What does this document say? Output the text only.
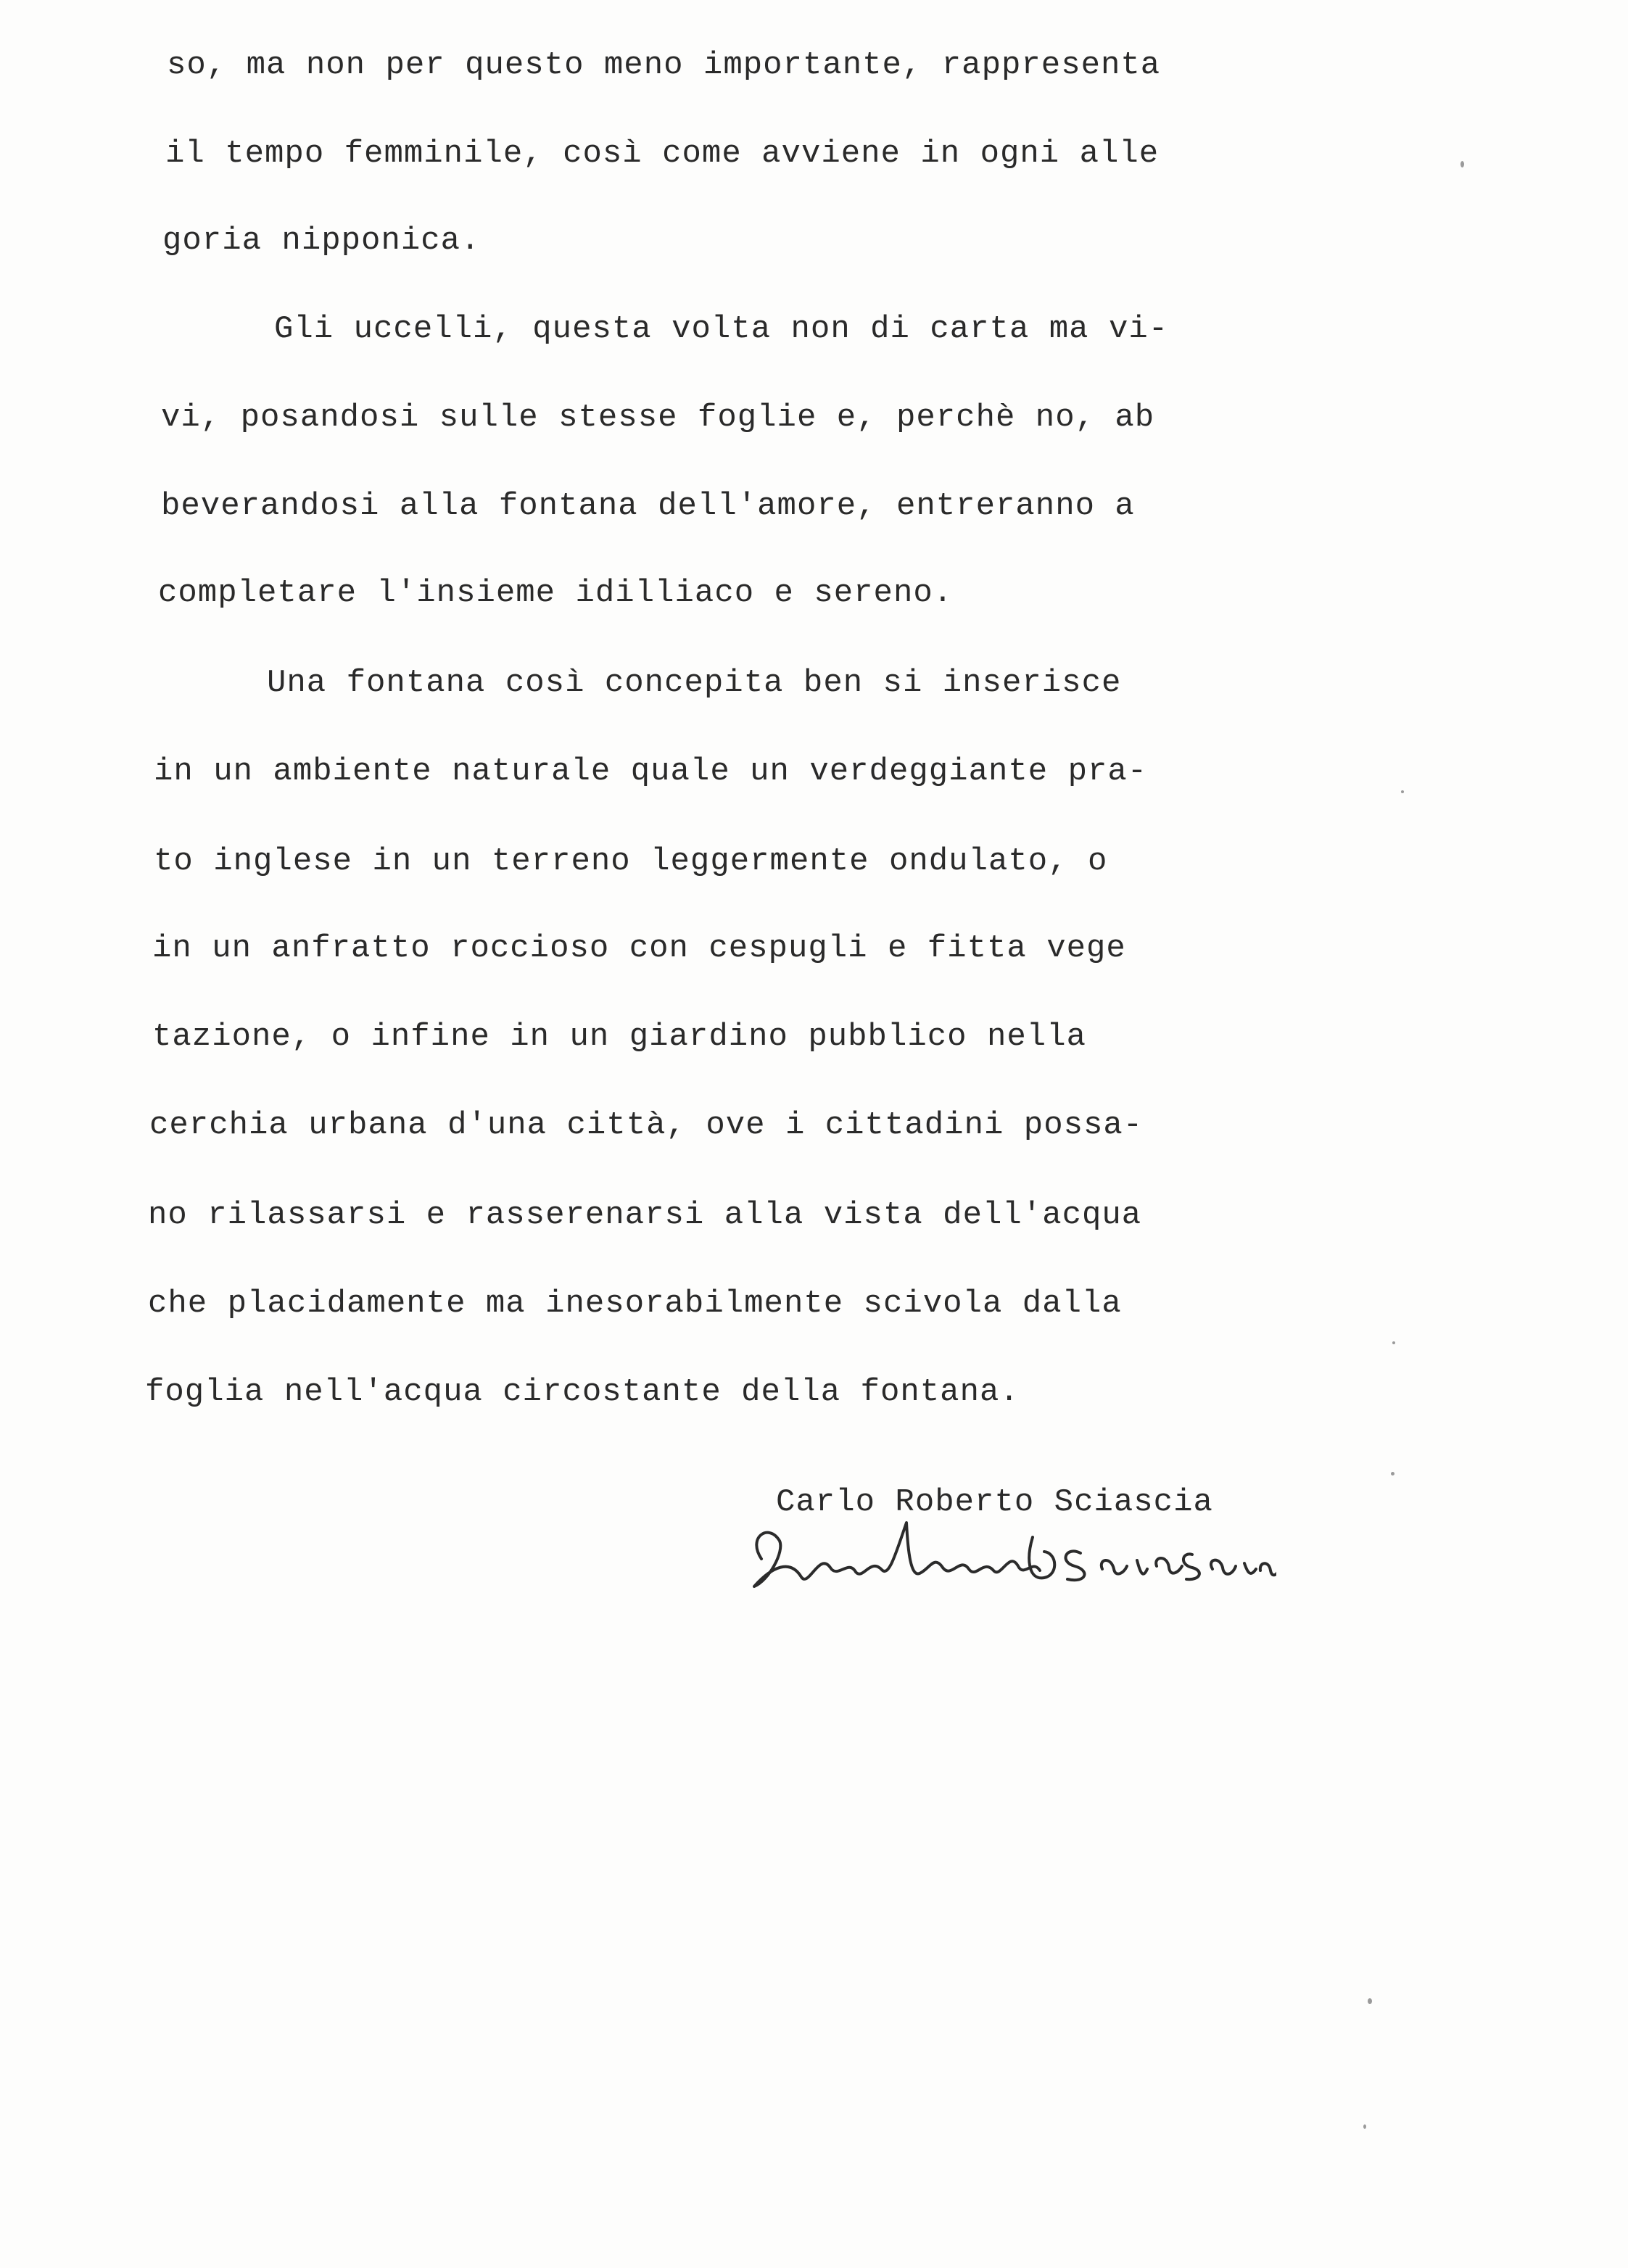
so, ma non per questo meno importante, rappresenta
il tempo femminile, così come avviene in ogni alle
goria nipponica.
Gli uccelli, questa volta non di carta ma vi-
vi, posandosi sulle stesse foglie e, perchè no, ab
beverandosi alla fontana dell'amore, entreranno a
completare l'insieme idilliaco e sereno.
Una fontana così concepita ben si inserisce
in un ambiente naturale quale un verdeggiante pra-
to inglese in un terreno leggermente ondulato, o
in un anfratto roccioso con cespugli e fitta vege
tazione, o infine in un giardino pubblico nella
cerchia urbana d'una città, ove i cittadini possa-
no rilassarsi e rasserenarsi alla vista dell'acqua
che placidamente ma inesorabilmente scivola dalla
foglia nell'acqua circostante della fontana.
Carlo Roberto Sciascia
